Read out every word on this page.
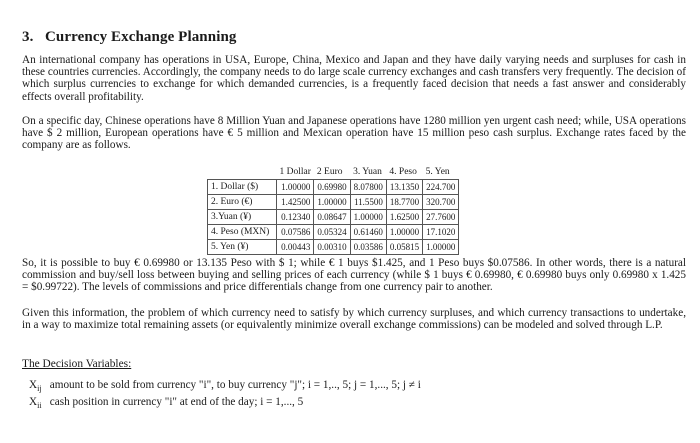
3. Currency Exchange Planning

An international company has operations in USA, Europe, China, Mexico and Japan and they have daily varying needs and surpluses for cash in these countries currencies. Accordingly, the company needs to do large scale currency exchanges and cash transfers very frequently. The decision of which surplus currencies to exchange for which demanded currencies, is a frequently faced decision that needs a fast answer and considerably effects overall profitability.

On a specific day, Chinese operations have 8 Million Yuan and Japanese operations have 1280 million yen urgent cash need; while, USA operations have $ 2 million, European operations have € 5 million and Mexican operation have 15 million peso cash surplus. Exchange rates faced by the company are as follows.

	1 Dollar	2 Euro	3. Yuan	4. Peso	5. Yen
1. Dollar ($)	1.00000	0.69980	8.07800	13.1350	224.700
2. Euro (€)	1.42500	1.00000	11.5500	18.7700	320.700
3.Yuan (¥)	0.12340	0.08647	1.00000	1.62500	27.7600
4. Peso (MXN)	0.07586	0.05324	0.61460	1.00000	17.1020
5. Yen (¥)	0.00443	0.00310	0.03586	0.05815	1.00000

So, it is possible to buy € 0.69980 or 13.135 Peso with $ 1; while € 1 buys $1.425, and 1 Peso buys $0.07586. In other words, there is a natural commission and buy/sell loss between buying and selling prices of each currency (while $ 1 buys € 0.69980, € 0.69980 buys only 0.69980 x 1.425 = $0.99722). The levels of commissions and price differentials change from one currency pair to another.

Given this information, the problem of which currency need to satisfy by which currency surpluses, and which currency transactions to undertake, in a way to maximize total remaining assets (or equivalently minimize overall exchange commissions) can be modeled and solved through L.P.

The Decision Variables:
$X_{ij}$ amount to be sold from currency "i", to buy currency "j"; i = 1,.., 5; j = 1,..., 5; j ≠ i
$X_{ii}$ cash position in currency "i" at end of the day; i = 1,..., 5
